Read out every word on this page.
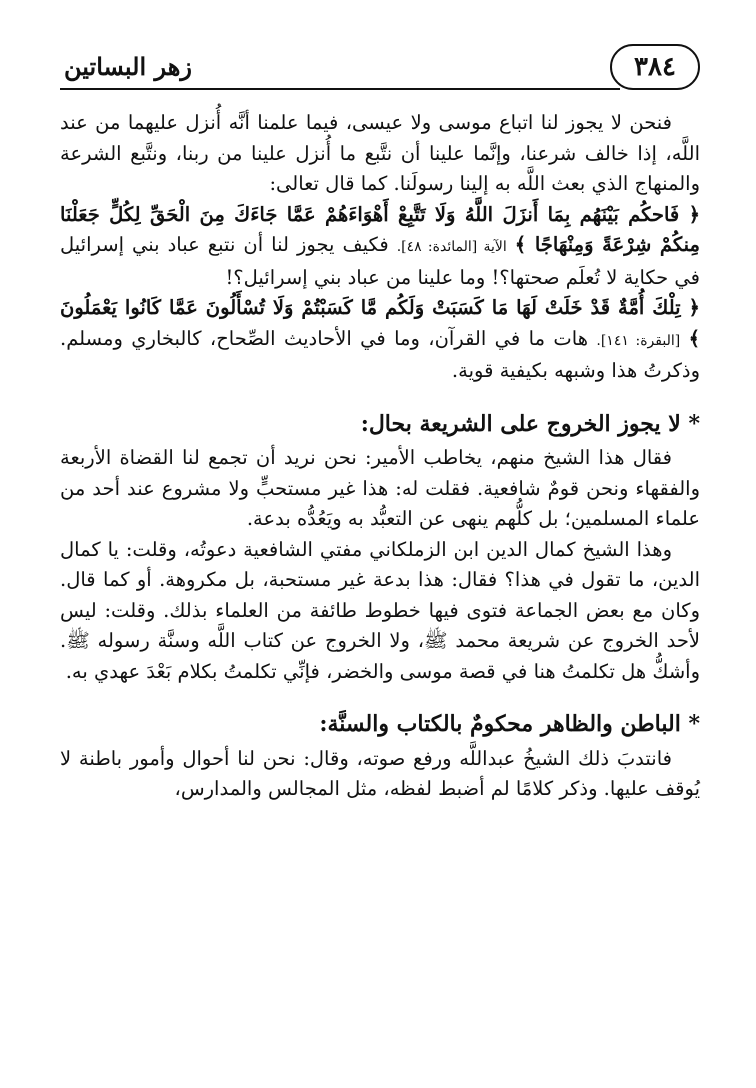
٣٨٤
زهر البساتين

فنحن لا يجوز لنا اتباع موسى ولا عيسى، فيما علمنا أنَّه أُنزل عليهما من عند اللَّه، إذا خالف شرعنا، وإنَّما علينا أن نتَّبع ما أُنزل علينا من ربنا، ونتَّبع الشرعة والمنهاج الذي بعث اللَّه به إلينا رسولَنا. كما قال تعالى:

﴿ فَاحكُم بَيْنَهُم بِمَا أَنزَلَ اللَّهُ وَلَا تَتَّبِعْ أَهْوَاءَهُمْ عَمَّا جَاءَكَ مِنَ الْحَقِّ لِكُلٍّ جَعَلْنَا مِنكُمْ شِرْعَةً وَمِنْهَاجًا ﴾ الآية [المائدة: ٤٨]. فكيف يجوز لنا أن نتبع عباد بني إسرائيل في حكاية لا تُعلَم صحتها؟! وما علينا من عباد بني إسرائيل؟!

﴿ تِلْكَ أُمَّةٌ قَدْ خَلَتْ لَهَا مَا كَسَبَتْ وَلَكُم مَّا كَسَبْتُمْ وَلَا تُسْأَلُونَ عَمَّا كَانُوا يَعْمَلُونَ ﴾ [البقرة: ١٤١]. هات ما في القرآن، وما في الأحاديث الصِّحاح، كالبخاري ومسلم. وذكرتُ هذا وشبهه بكيفية قوية.

* لا يجوز الخروج على الشريعة بحال:

فقال هذا الشيخ منهم، يخاطب الأمير: نحن نريد أن تجمع لنا القضاة الأربعة والفقهاء ونحن قومٌ شافعية. فقلت له: هذا غير مستحبٍّ ولا مشروع عند أحد من علماء المسلمين؛ بل كلُّهم ينهى عن التعبُّد به ويَعُدُّه بدعة.

وهذا الشيخ كمال الدين ابن الزملكاني مفتي الشافعية دعوتُه، وقلت: يا كمال الدين، ما تقول في هذا؟ فقال: هذا بدعة غير مستحبة، بل مكروهة. أو كما قال. وكان مع بعض الجماعة فتوى فيها خطوط طائفة من العلماء بذلك. وقلت: ليس لأحد الخروج عن شريعة محمد ﷺ، ولا الخروج عن كتاب اللَّه وسنَّة رسوله ﷺ. وأشكُّ هل تكلمتُ هنا في قصة موسى والخضر، فإنِّي تكلمتُ بكلام بَعْدَ عهدي به.

* الباطن والظاهر محكومٌ بالكتاب والسنَّة:

فانتدبَ ذلك الشيخُ عبداللَّه ورفع صوته، وقال: نحن لنا أحوال وأمور باطنة لا يُوقف عليها. وذكر كلامًا لم أضبط لفظه، مثل المجالس والمدارس،
